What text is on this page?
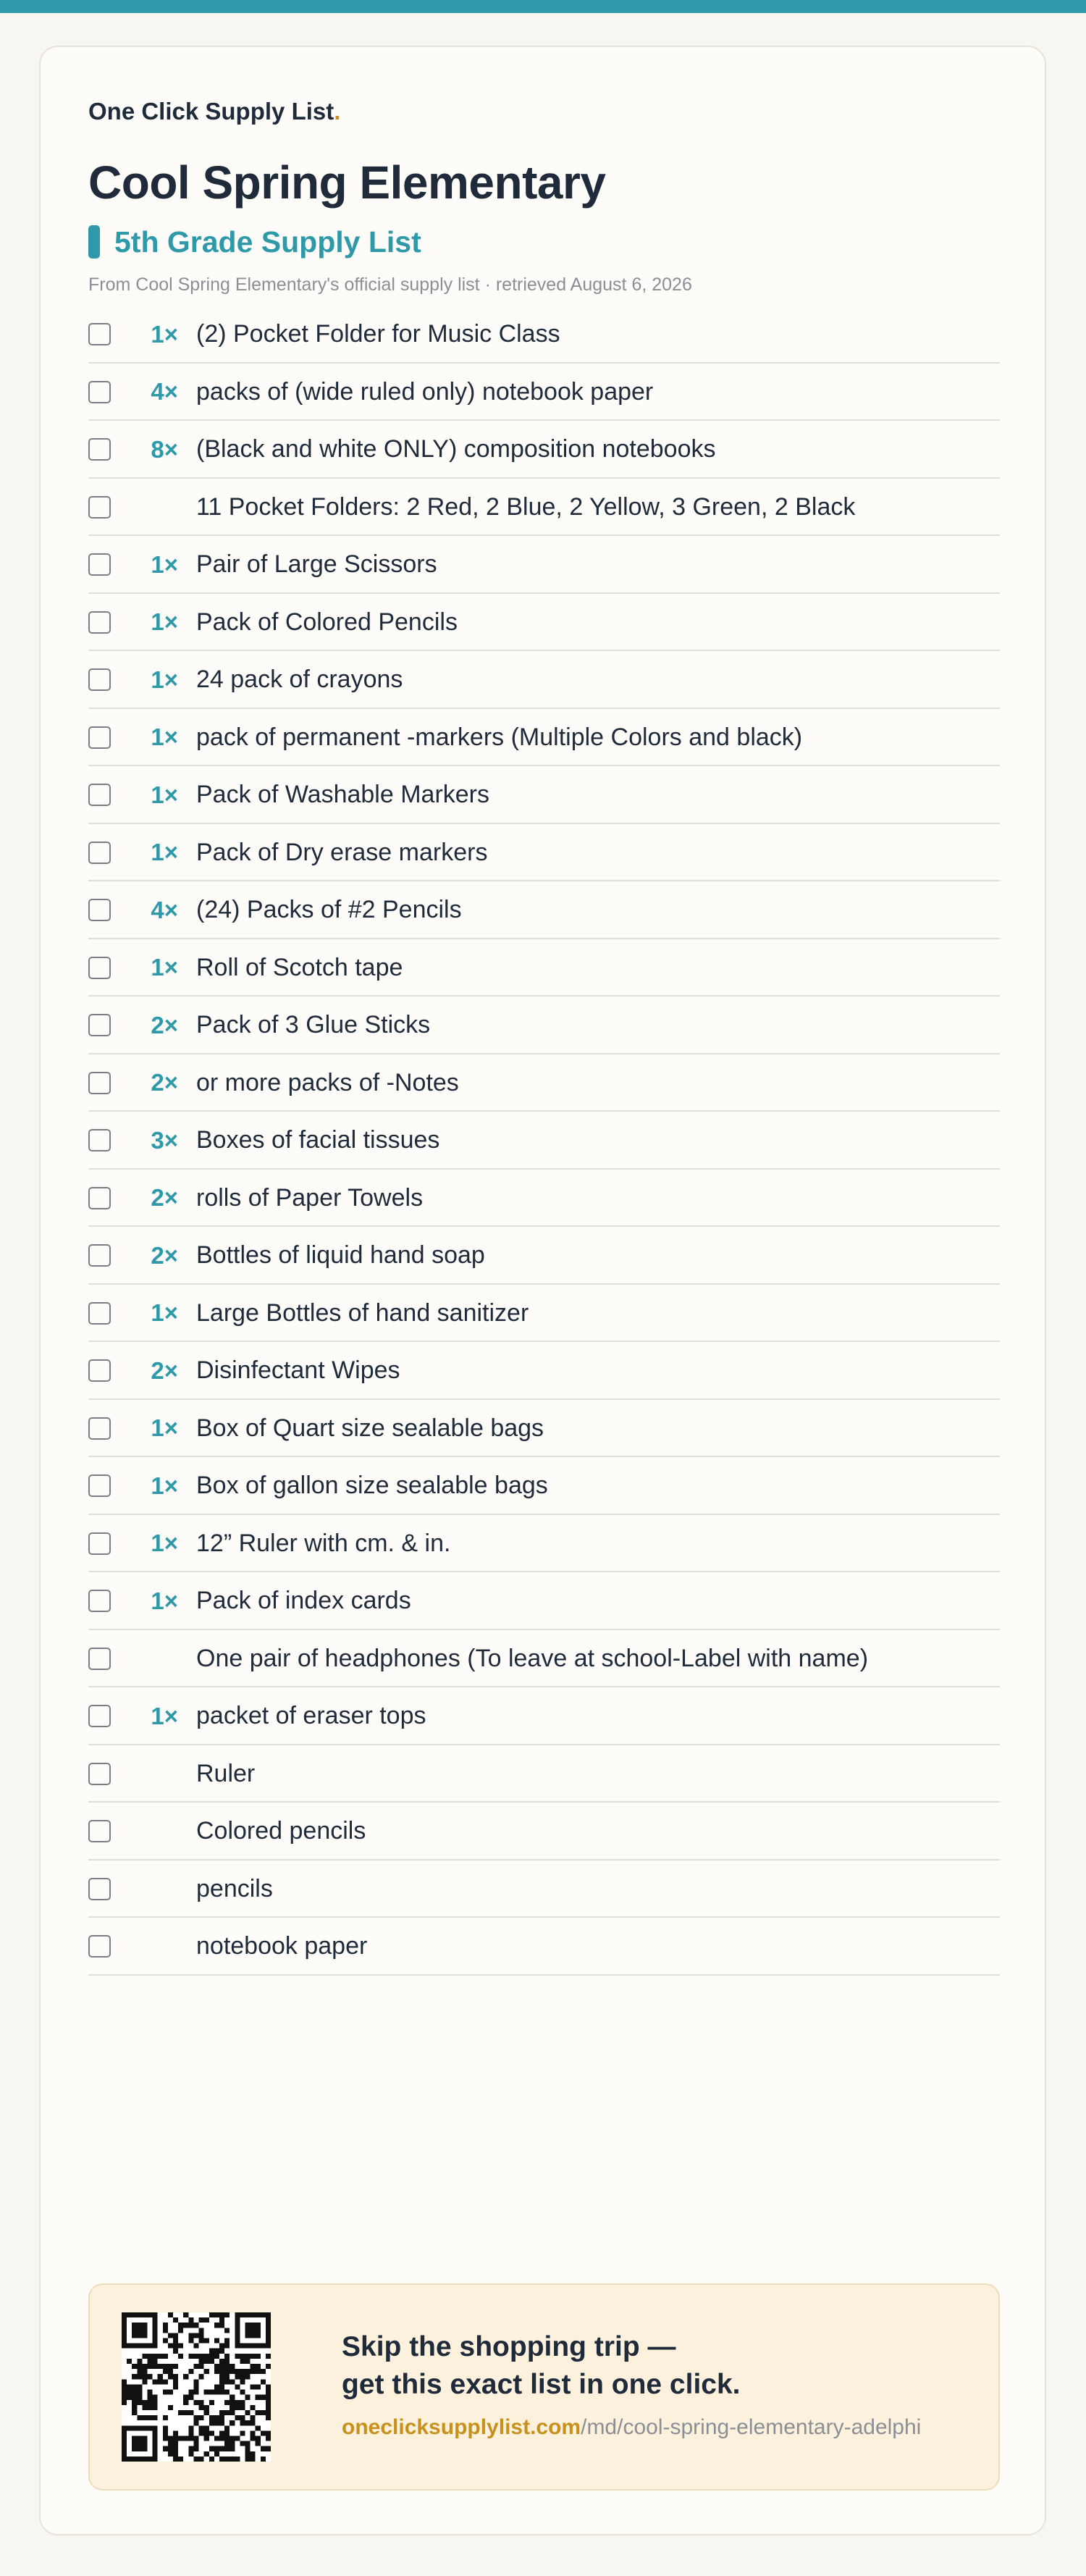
One Click Supply List.
Cool Spring Elementary
5th Grade Supply List
From Cool Spring Elementary's official supply list · retrieved August 6, 2026
1× (2) Pocket Folder for Music Class
4× packs of (wide ruled only) notebook paper
8× (Black and white ONLY) composition notebooks
11 Pocket Folders: 2 Red, 2 Blue, 2 Yellow, 3 Green, 2 Black
1× Pair of Large Scissors
1× Pack of Colored Pencils
1× 24 pack of crayons
1× pack of permanent -markers (Multiple Colors and black)
1× Pack of Washable Markers
1× Pack of Dry erase markers
4× (24) Packs of #2 Pencils
1× Roll of Scotch tape
2× Pack of 3 Glue Sticks
2× or more packs of -Notes
3× Boxes of facial tissues
2× rolls of Paper Towels
2× Bottles of liquid hand soap
1× Large Bottles of hand sanitizer
2× Disinfectant Wipes
1× Box of Quart size sealable bags
1× Box of gallon size sealable bags
1× 12” Ruler with cm. & in.
1× Pack of index cards
One pair of headphones (To leave at school-Label with name)
1× packet of eraser tops
Ruler
Colored pencils
pencils
notebook paper
Skip the shopping trip —
get this exact list in one click.
oneclicksupplylist.com/md/cool-spring-elementary-adelphi
